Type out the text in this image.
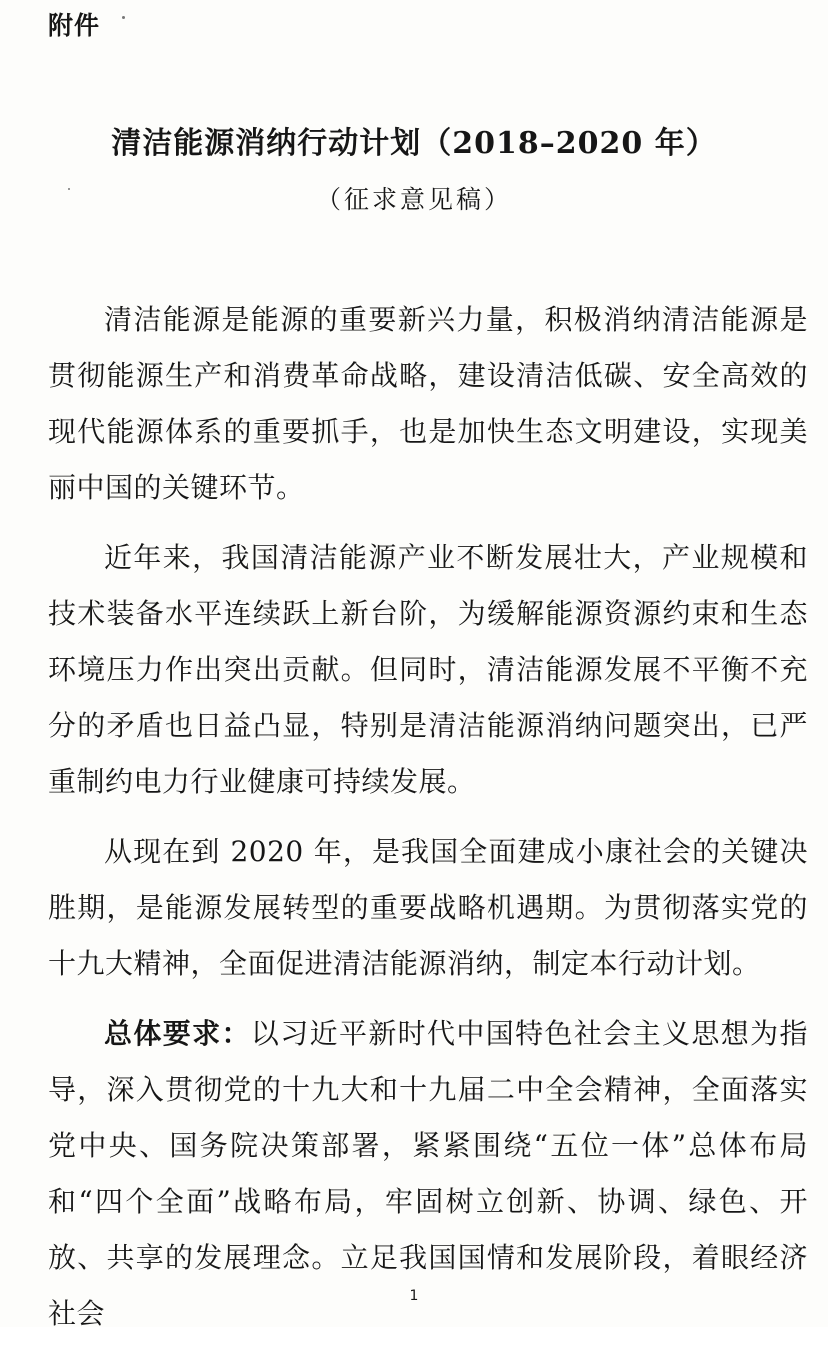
附件
清洁能源消纳行动计划（2018–2020 年）
（征求意见稿）

清洁能源是能源的重要新兴力量，积极消纳清洁能源是贯彻能源生产和消费革命战略，建设清洁低碳、安全高效的现代能源体系的重要抓手，也是加快生态文明建设，实现美丽中国的关键环节。

近年来，我国清洁能源产业不断发展壮大，产业规模和技术装备水平连续跃上新台阶，为缓解能源资源约束和生态环境压力作出突出贡献。但同时，清洁能源发展不平衡不充分的矛盾也日益凸显，特别是清洁能源消纳问题突出，已严重制约电力行业健康可持续发展。

从现在到 2020 年，是我国全面建成小康社会的关键决胜期，是能源发展转型的重要战略机遇期。为贯彻落实党的十九大精神，全面促进清洁能源消纳，制定本行动计划。

总体要求：以习近平新时代中国特色社会主义思想为指导，深入贯彻党的十九大和十九届二中全会精神，全面落实党中央、国务院决策部署，紧紧围绕“五位一体”总体布局和“四个全面”战略布局，牢固树立创新、协调、绿色、开放、共享的发展理念。立足我国国情和发展阶段，着眼经济社会

1
